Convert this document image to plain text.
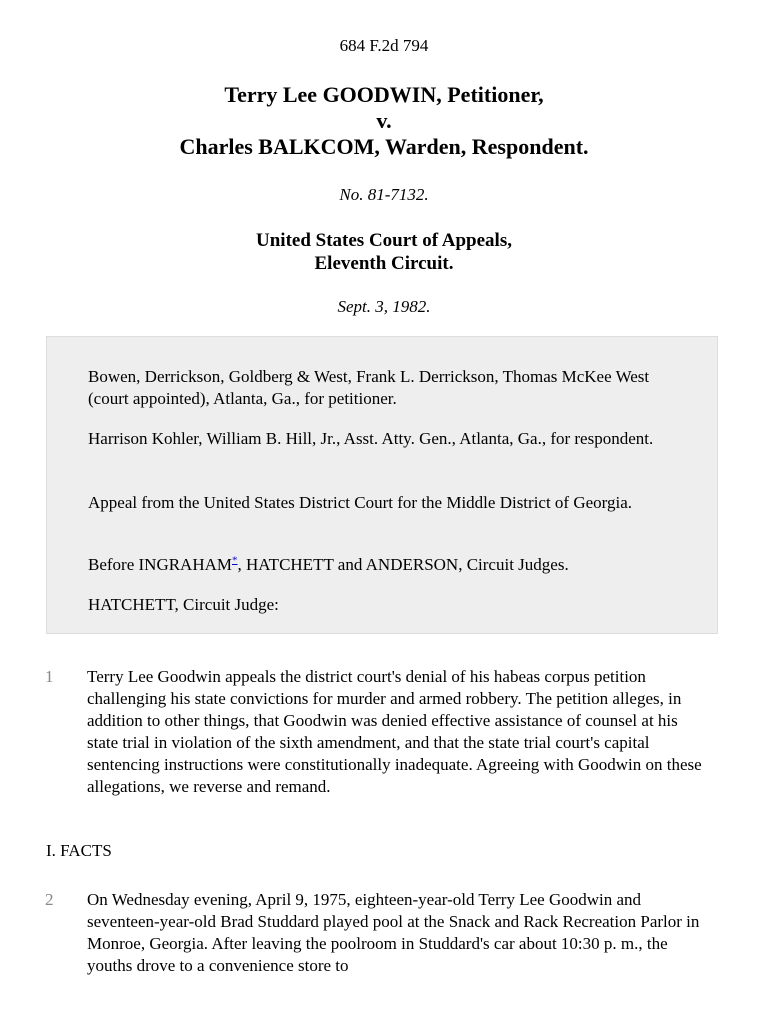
684 F.2d 794
Terry Lee GOODWIN, Petitioner,
v.
Charles BALKCOM, Warden, Respondent.
No. 81-7132.
United States Court of Appeals,
Eleventh Circuit.
Sept. 3, 1982.

Bowen, Derrickson, Goldberg & West, Frank L. Derrickson, Thomas McKee West (court appointed), Atlanta, Ga., for petitioner.

Harrison Kohler, William B. Hill, Jr., Asst. Atty. Gen., Atlanta, Ga., for respondent.

Appeal from the United States District Court for the Middle District of Georgia.

Before INGRAHAM*, HATCHETT and ANDERSON, Circuit Judges.

HATCHETT, Circuit Judge:

1 Terry Lee Goodwin appeals the district court's denial of his habeas corpus petition challenging his state convictions for murder and armed robbery. The petition alleges, in addition to other things, that Goodwin was denied effective assistance of counsel at his state trial in violation of the sixth amendment, and that the state trial court's capital sentencing instructions were constitutionally inadequate. Agreeing with Goodwin on these allegations, we reverse and remand.

I. FACTS
2 On Wednesday evening, April 9, 1975, eighteen-year-old Terry Lee Goodwin and seventeen-year-old Brad Studdard played pool at the Snack and Rack Recreation Parlor in Monroe, Georgia. After leaving the poolroom in Studdard's car about 10:30 p. m., the youths drove to a convenience store to
